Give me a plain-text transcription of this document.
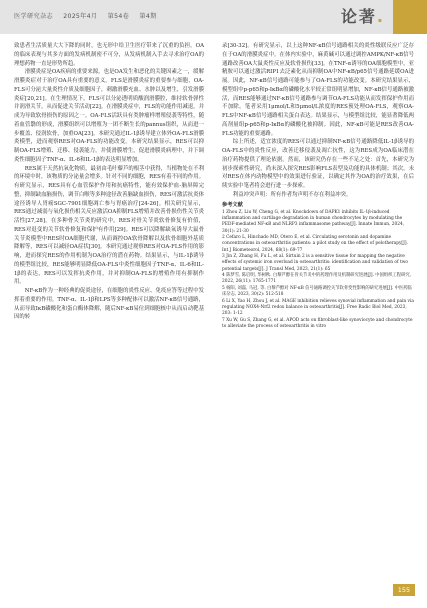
医学研究杂志 2025年4月 第54卷 第4期	论著.

致患者生活质量大大下降的同时，也无形中给卫生医疗带来了沉重的负担。OA的临床表现与其多方面的发病机制密不可分，从发病机制入手去寻求治疗OA的理想药物一直是形势所趋。

滑膜炎症是OA疾病的重要来源，也是OA发生和恶化的关键因素之一，缓解滑膜炎症对于治疗OA具有重要的意义。FLS是滑膜炎症的重要参与细胞，OA-FLS可分泌大量炎性介质及细胞因子，刺激滑膜充血、水肿以及增生，引发滑膜炎症[20,21]。在生理情况下，FLS可以分泌透明质酸润滑膜腔，维持软骨弹性并润滑关节，从而促进关节活动[22]。在滑膜炎症中，FLS的功能作用减退，并成为导致软骨损伤的原因之一。OA-FLS活跃具有类肿瘤样增殖侵袭等特性，随着血管翳的形成，滑膜组织可以增殖为一团不断生长的pannus组织，从而进一步覆盖、侵润软骨，加重OA[23]。本研究通过IL-1β诱导建立体外OA-FLS滑膜炎模型，进而观察RES对OA-FLS的功能改变。本研究结果显示，RES可以抑制OA-FLS增殖、迁移、侵袭能力，并使滑膜增生，促进滑膜炎病理中，并下调炎性细胞因子TNF-α、IL-6和IL-1β的表达明显增加。

RES属于天然抗氧化物质，最初由毛叶藜芦的根茎中获得，当植物处在不利的环境中时，该物质的分泌量会增多。针对不同的细胞，RES有着不同的作用。有研究显示，RES具有心血管保护作用和抗癌特性，能有效保护血-脑屏障完整，抑制缺血脑损伤，调节白喉等多种途径改善脑缺血损伤，RES可激活抗炎体途径诱导人胃癌SGC-7901细胞凋亡参与胃癌治疗[24-26]。相关研究显示，RES通过减弱与氧化损伤相关反应激活OA抑制FLS增殖并改善骨损伤性关节炎活性[27,28]。在多种骨关节炎的研究中，RES对骨关节炎软骨修复有价值，RES对退变的关节软骨修复和保护有作用[29]。RES可以降解缺氧诱导大鼠骨关节炎模型中RES时OA细胞代谢，从而调控OA软骨降解以及软骨细胞外基质降解等，RES可以减轻OA症状[30]。本研究通过观察RES对OA-FLS作用的影响，进而探究RES的作用机制为OA治疗的潜在药物。结果显示，与IL-1β诱导的模型组比较，RES能够明显降低OA-FLS中炎性细胞因子TNF-α、IL-6和IL-1β的表达，RES可以发挥抗炎作用，并对抑制OA-FLS的增殖作用有抑制作用。

NF-κB作为一种经典的促炎途径，在细胞的炎性反应、免疫应答等过程中发挥着重要的作用。TNF-α、IL-1β和LPS等多种配体可以激活NF-κB信号通路，从而导致IκB磷酸化和蛋白酶体降解，随后NF-κB易位到细胞核中从而启动靶基因的转

录[30-32]。有研究显示，以上这种NF-κB信号通路相关的炎性级联反应广泛存在于OA的滑膜炎症中。在体内实验中，麻黄碱可以通过调控AMPK/NF-κB信号通路改善OA大鼠炎性反应及软骨损伤[33]。在TNF-α诱导的OA细胞模型中，亚精胺可以通过激活RIP1去泛素化从而抑制OA中NF-κB/p65信号通路延缓OA进展。因此，NF-κB信号通路可能参与了OA-FLS的功能改变。本研究结果显示，模型组中p-p65和p-IκBα的磷酸化水平较正常组明显增加，NF-κB信号通路被激活，而RES能够通过NF-κB信号通路参与调节OA-FLS功能从而发挥保护作用而不加除。笔者采用1μmol/L和5μmol/L浓度的RES预处理OA-FLS，观察OA-FLS中NF-κB信号通路相关蛋白表达。结果显示，与模型组比较，能显著降低两高剂量组p-p65和p-IκBα的磷酸化被抑制。因此，NF-κB可能是RES改善OA-FLS功能的重要通路。

综上所述，适宜浓度的RES可以通过抑制NF-κB信号通路降低IL-1β诱导的OA-FLS中的炎性反应，改善迁移侵袭及凋亡抗性，这为RES成为OA临床潜在治疗药物提供了理论依据。然而，该研究仍存在一些不足之处：首先，本研究为初步探索性研究，尚未深入探究RES影响FLS表型及功能的具体机制；其次，未对RES在体内动物模型中的效果进行验证，以确定其作为OA的治疗效果，在后续实验中笔者将会进行进一步探索。

利益冲突声明：所有作者均声明不存在利益冲突。

参考文献

1 Zhou Z, Liu W, Cheng G, et al. Knockdown of DAPK1 inhibits IL-1β-induced inflammation and cartilage degradation in human chondrocytes by modulating the PEDF-mediated NF-κB and NLRP3 inflammasome pathway[J]. Innate Immun, 2024, 30(1): 21-30

2 Cefaro L, Hinchado MD, Otero E, et al. Circulating serotonin and dopamine concentrations in osteoarthritis patients: a pilot study on the effect of pelotherapy[J]. Int J Biometeorol, 2024, 68(1): 69-77

3 Jin Z, Zhang H, Fu L, et al. Sirtuin 2 is a sensitive tissue for mapping the negative effects of systemic iron overload in osteoarthritis: identification and validation of two potential targets[J]. J Transl Med, 2023, 21(1): 65

4 陈梦雪, 陈启明, 华树秋. 白藜芦醇在骨关节炎中的药理作用及机制研究进展[J]. 中国组织工程研究, 2022, 26(11): 1765-1771

5 杨阳, 刘磊, 马冠, 等. 白藜芦醇对 NF-κB 信号通路调控关节软骨变性影响的研究进展[J]. 中医药临床杂志, 2023, 30(2): 512-518

6 Li X, Yao H, Zhou J, et al. MAGE inhibition relieves synovial inflammation and pain via regulating NOX4-Nrf2 redox balance in osteoarthritis[J]. Free Radic Biol Med, 2023, 203: 1-12

7 Xu W, Gu S, Zhang G, et al. APOD acts on fibroblast-like synoviocyte and chondrocyte to alleviate the process of osteoarthritis in vitro

155
